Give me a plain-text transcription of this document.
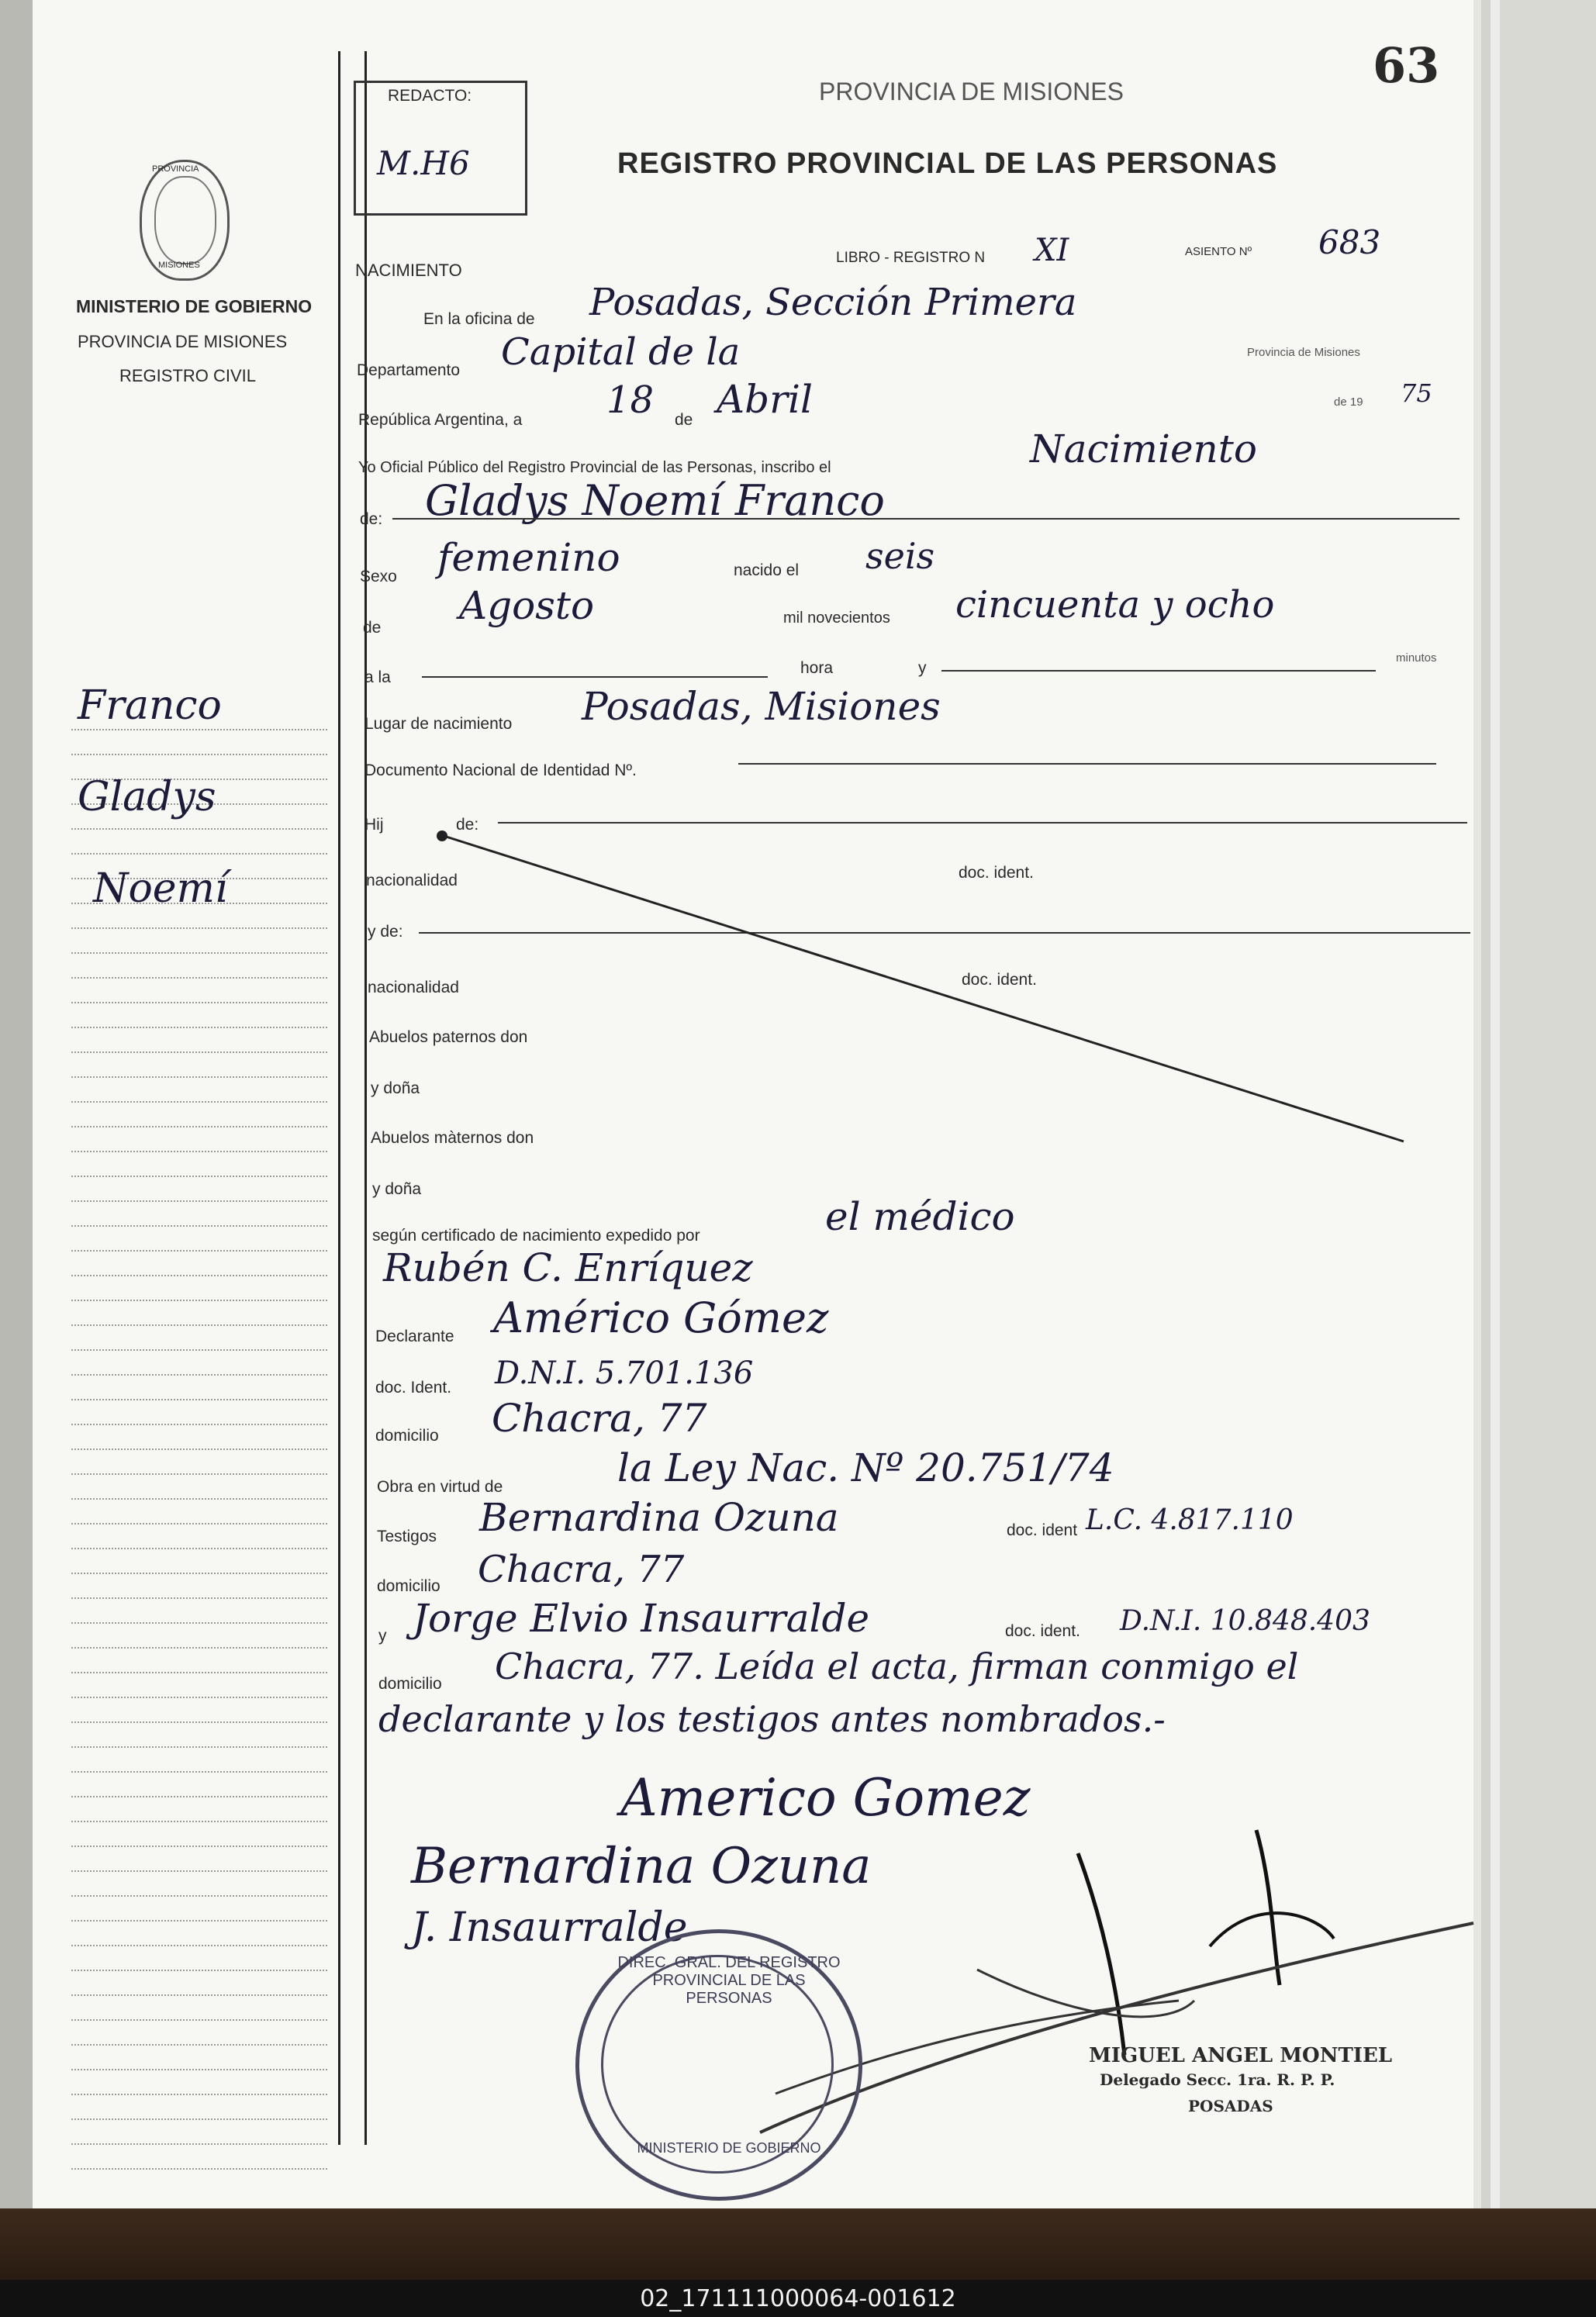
02_171111000064-001612
63
REDACTO:
M.H6
PROVINCIA DE MISIONES
REGISTRO PROVINCIAL DE LAS PERSONAS
PROVINCIA
MISIONES
MINISTERIO DE GOBIERNO
PROVINCIA DE MISIONES
REGISTRO CIVIL
Franco
Gladys
Noemí
NACIMIENTO
LIBRO - REGISTRO N XI	ASIENTO Nº 683
En la oficina de Posadas, Sección Primera
Departamento Capital de la	Provincia de Misiones
República Argentina, a 18 de Abril	de 19 75
Yo Oficial Público del Registro Provincial de las Personas, inscribo el	Nacimiento
de: Gladys Noemí Franco
Sexo femenino	nacido el seis
de Agosto	mil novecientos cincuenta y ocho
a la
hora	y
minutos
Lugar de nacimiento Posadas, Misiones
Documento Nacional de Identidad Nº.
Hij	de:
nacionalidad	doc. ident.
y de:
nacionalidad	doc. ident.
Abuelos paternos don
y doña
Abuelos màternos don
y doña
según certificado de nacimiento expedido por	el médico
Rubén C. Enríquez
Declarante Américo Gómez
doc. Ident. D.N.I. 5.701.136
domicilio Chacra, 77
Obra en virtud de	la Ley Nac. Nº 20.751/74
Testigos Bernardina Ozuna	doc. ident L.C. 4.817.110
domicilio Chacra, 77
y Jorge Elvio Insaurralde	doc. ident. D.N.I. 10.848.403
domicilio Chacra, 77. Leída el acta, firman conmigo el
declarante y los testigos antes nombrados.-
Americo Gomez
Bernardina Ozuna
J. Insaurralde
DIREC. GRAL. DEL REGISTRO PROVINCIAL DE LAS PERSONAS
MINISTERIO DE GOBIERNO
MIGUEL ANGEL MONTIEL
Delegado Secc. 1ra. R. P. P.
POSADAS
